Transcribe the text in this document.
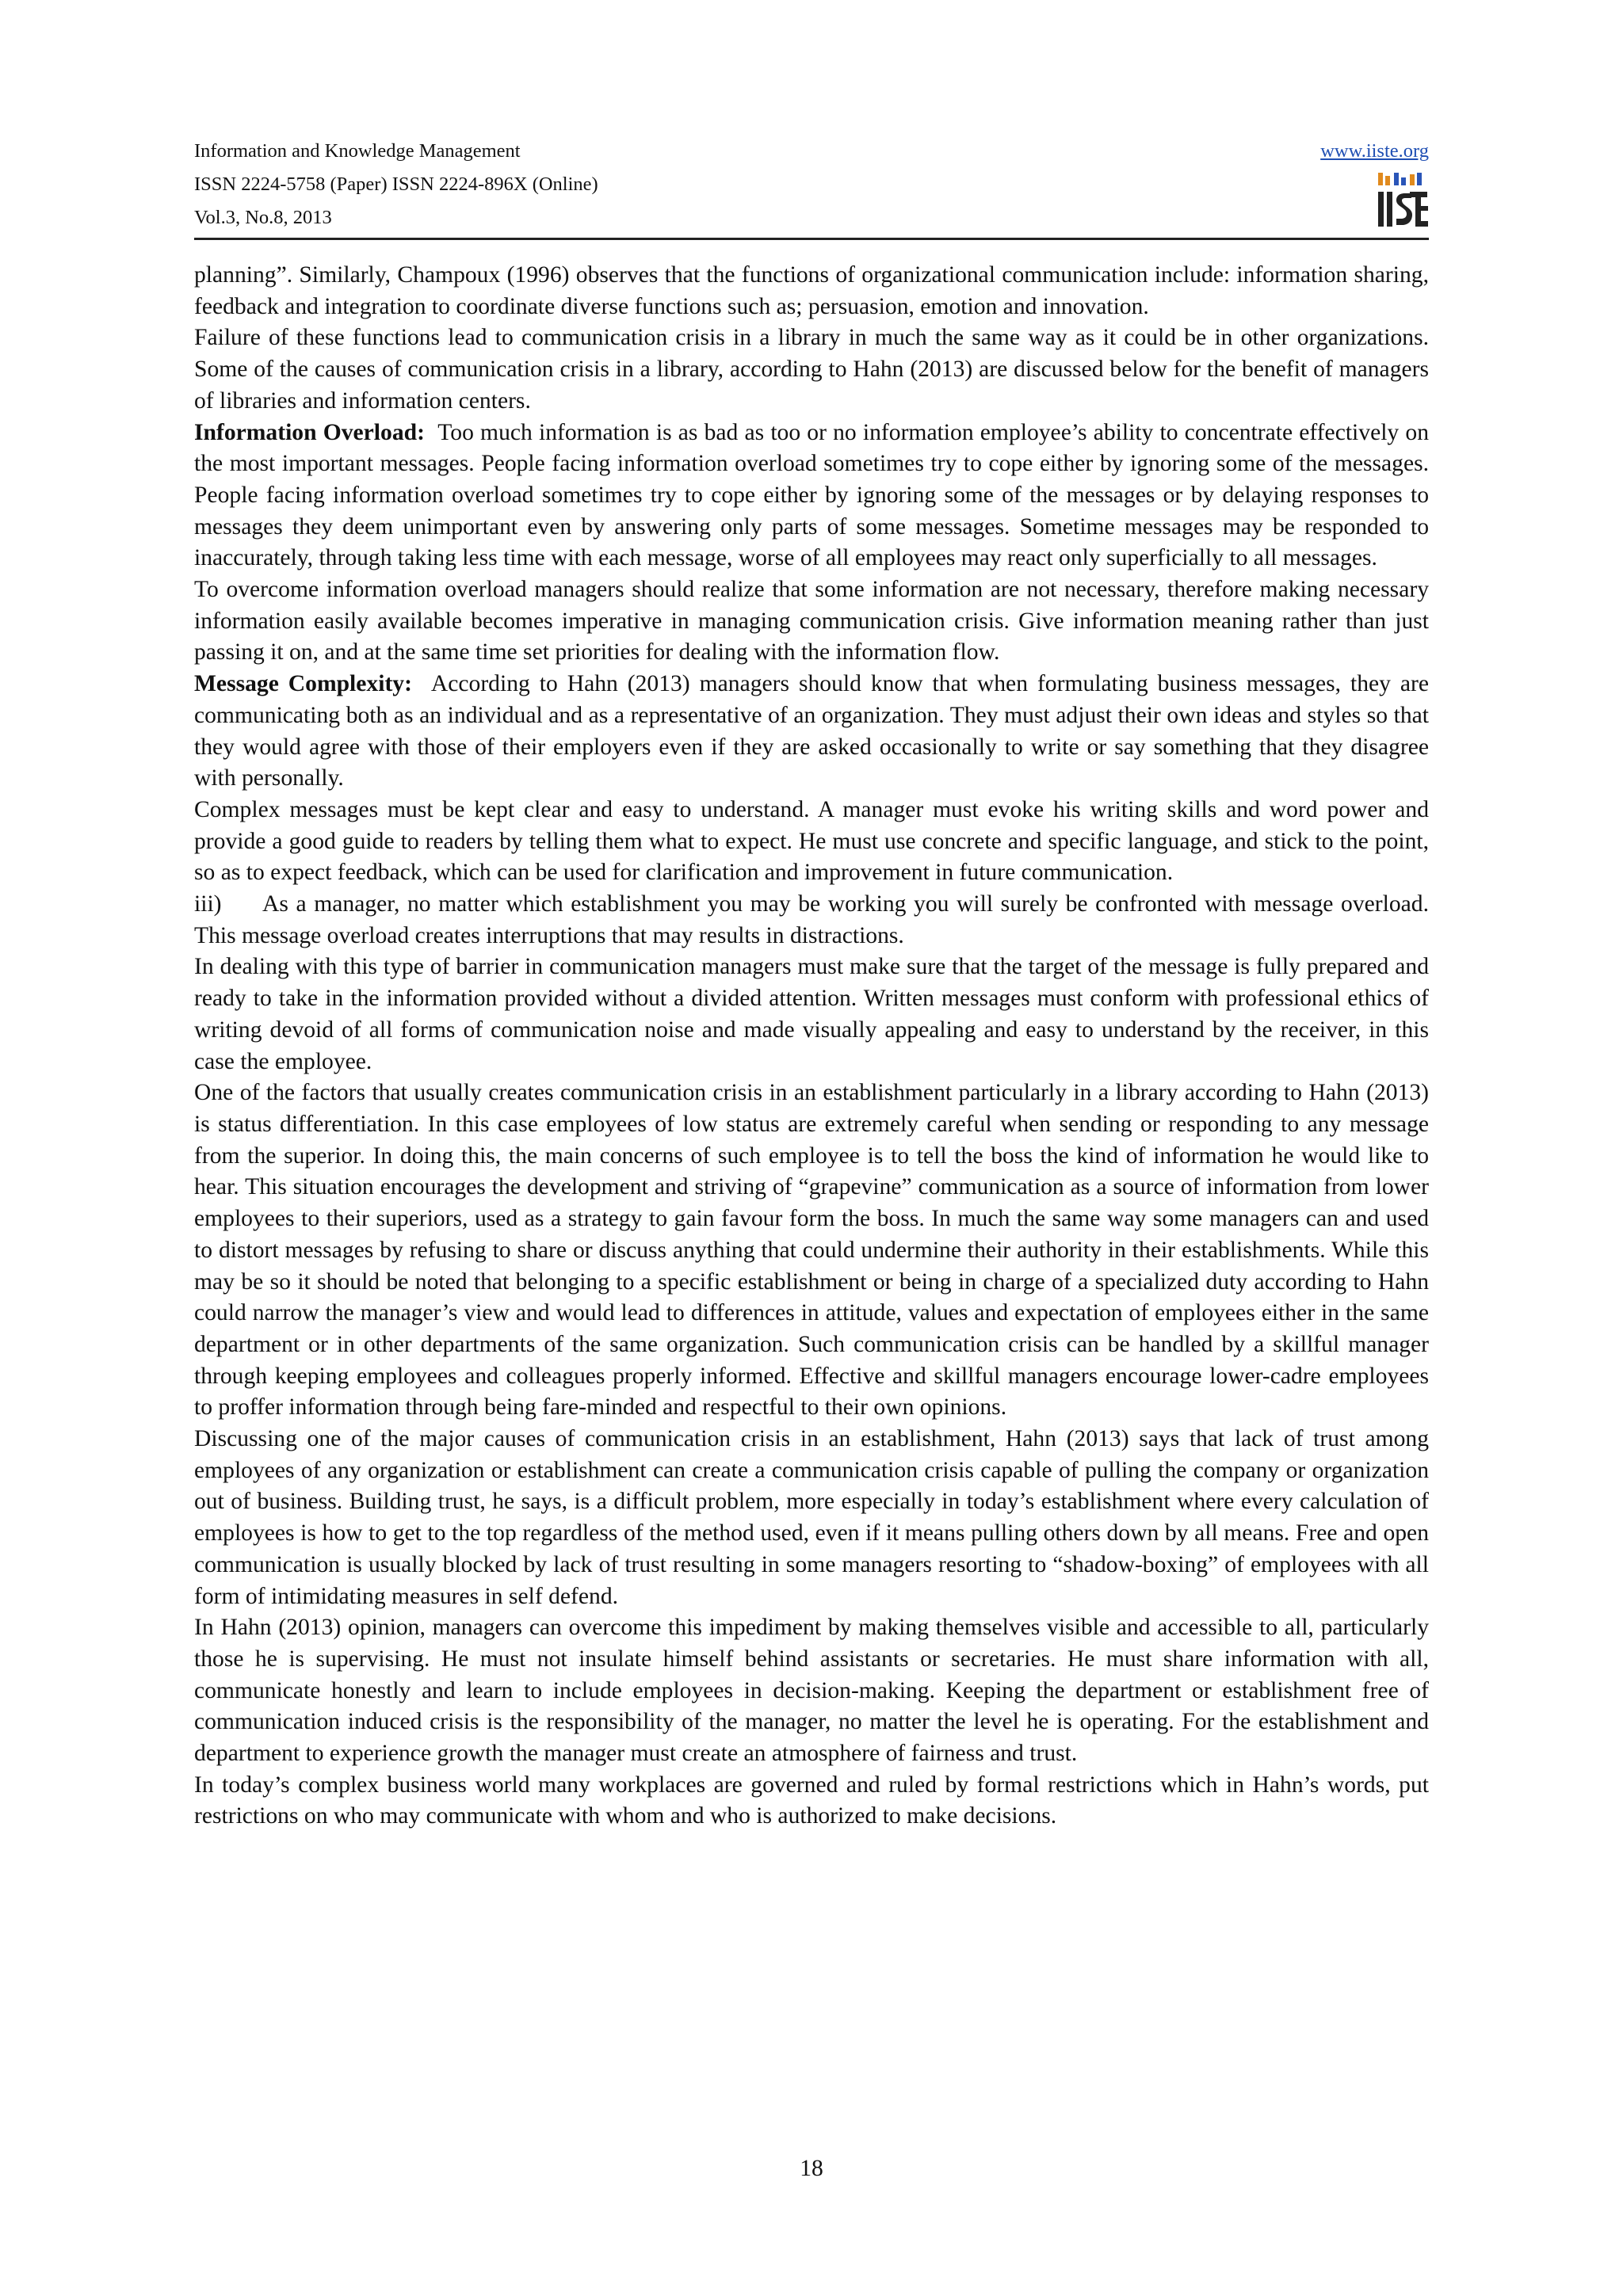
Information and Knowledge Management
ISSN 2224-5758 (Paper) ISSN 2224-896X (Online)
Vol.3, No.8, 2013
www.iiste.org

planning”. Similarly, Champoux (1996) observes that the functions of organizational communication include: information sharing, feedback and integration to coordinate diverse functions such as; persuasion, emotion and innovation.

Failure of these functions lead to communication crisis in a library in much the same way as it could be in other organizations. Some of the causes of communication crisis in a library, according to Hahn (2013) are discussed below for the benefit of managers of libraries and information centers.

Information Overload: Too much information is as bad as too or no information employee’s ability to concentrate effectively on the most important messages. People facing information overload sometimes try to cope either by ignoring some of the messages. People facing information overload sometimes try to cope either by ignoring some of the messages or by delaying responses to messages they deem unimportant even by answering only parts of some messages. Sometime messages may be responded to inaccurately, through taking less time with each message, worse of all employees may react only superficially to all messages.

To overcome information overload managers should realize that some information are not necessary, therefore making necessary information easily available becomes imperative in managing communication crisis. Give information meaning rather than just passing it on, and at the same time set priorities for dealing with the information flow.

Message Complexity: According to Hahn (2013) managers should know that when formulating business messages, they are communicating both as an individual and as a representative of an organization. They must adjust their own ideas and styles so that they would agree with those of their employers even if they are asked occasionally to write or say something that they disagree with personally.

Complex messages must be kept clear and easy to understand. A manager must evoke his writing skills and word power and provide a good guide to readers by telling them what to expect. He must use concrete and specific language, and stick to the point, so as to expect feedback, which can be used for clarification and improvement in future communication.

iii) As a manager, no matter which establishment you may be working you will surely be confronted with message overload. This message overload creates interruptions that may results in distractions.

In dealing with this type of barrier in communication managers must make sure that the target of the message is fully prepared and ready to take in the information provided without a divided attention. Written messages must conform with professional ethics of writing devoid of all forms of communication noise and made visually appealing and easy to understand by the receiver, in this case the employee.

One of the factors that usually creates communication crisis in an establishment particularly in a library according to Hahn (2013) is status differentiation. In this case employees of low status are extremely careful when sending or responding to any message from the superior. In doing this, the main concerns of such employee is to tell the boss the kind of information he would like to hear. This situation encourages the development and striving of “grapevine” communication as a source of information from lower employees to their superiors, used as a strategy to gain favour form the boss. In much the same way some managers can and used to distort messages by refusing to share or discuss anything that could undermine their authority in their establishments. While this may be so it should be noted that belonging to a specific establishment or being in charge of a specialized duty according to Hahn could narrow the manager’s view and would lead to differences in attitude, values and expectation of employees either in the same department or in other departments of the same organization. Such communication crisis can be handled by a skillful manager through keeping employees and colleagues properly informed. Effective and skillful managers encourage lower-cadre employees to proffer information through being fare-minded and respectful to their own opinions.

Discussing one of the major causes of communication crisis in an establishment, Hahn (2013) says that lack of trust among employees of any organization or establishment can create a communication crisis capable of pulling the company or organization out of business. Building trust, he says, is a difficult problem, more especially in today’s establishment where every calculation of employees is how to get to the top regardless of the method used, even if it means pulling others down by all means. Free and open communication is usually blocked by lack of trust resulting in some managers resorting to “shadow-boxing” of employees with all form of intimidating measures in self defend.

In Hahn (2013) opinion, managers can overcome this impediment by making themselves visible and accessible to all, particularly those he is supervising. He must not insulate himself behind assistants or secretaries. He must share information with all, communicate honestly and learn to include employees in decision-making. Keeping the department or establishment free of communication induced crisis is the responsibility of the manager, no matter the level he is operating. For the establishment and department to experience growth the manager must create an atmosphere of fairness and trust.

In today’s complex business world many workplaces are governed and ruled by formal restrictions which in Hahn’s words, put restrictions on who may communicate with whom and who is authorized to make decisions.

18
